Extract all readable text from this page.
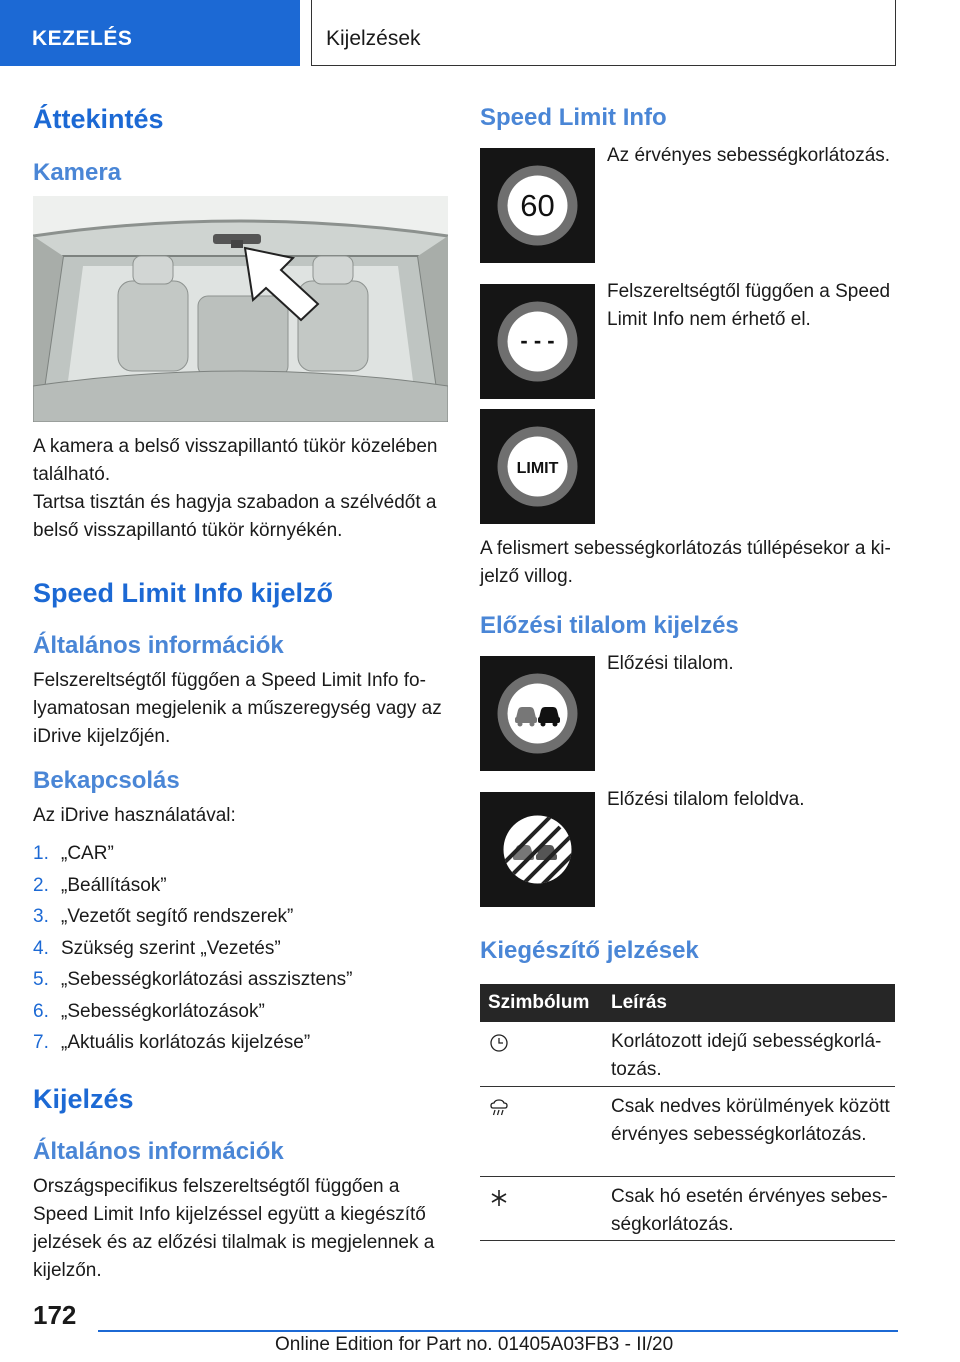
KEZELÉS	Kijelzések
Áttekintés
Kamera
A kamera a belső visszapillantó tükör közelében található.
Tartsa tisztán és hagyja szabadon a szélvédőt a belső visszapillantó tükör környékén.
Speed Limit Info kijelző
Általános információk
Felszereltségtől függően a Speed Limit Info folyamatosan megjelenik a műszeregység vagy az iDrive kijelzőjén.
Bekapcsolás
Az iDrive használatával:
1. „CAR”
2. „Beállítások”
3. „Vezetőt segítő rendszerek”
4. Szükség szerint „Vezetés”
5. „Sebességkorlátozási asszisztens”
6. „Sebességkorlátozások”
7. „Aktuális korlátozás kijelzése”
Kijelzés
Általános információk
Országspecifikus felszereltségtől függően a Speed Limit Info kijelzéssel együtt a kiegészítő jelzések és az előzési tilalmak is megjelennek a kijelzőn.
Speed Limit Info
60
Az érvényes sebességkorlátozás.
- - -
Felszereltségtől függően a Speed Limit Info nem érhető el.
LIMIT
A felismert sebességkorlátozás túllépésekor a kijelző villog.
Előzési tilalom kijelzés
Előzési tilalom.
Előzési tilalom feloldva.
Kiegészítő jelzések
Szimbólum Leírás
Korlátozott idejű sebességkorlátozás.
Csak nedves körülmények között érvényes sebességkorlátozás.
Csak hó esetén érvényes sebességkorlátozás.
172
Online Edition for Part no. 01405A03FB3 - II/20
